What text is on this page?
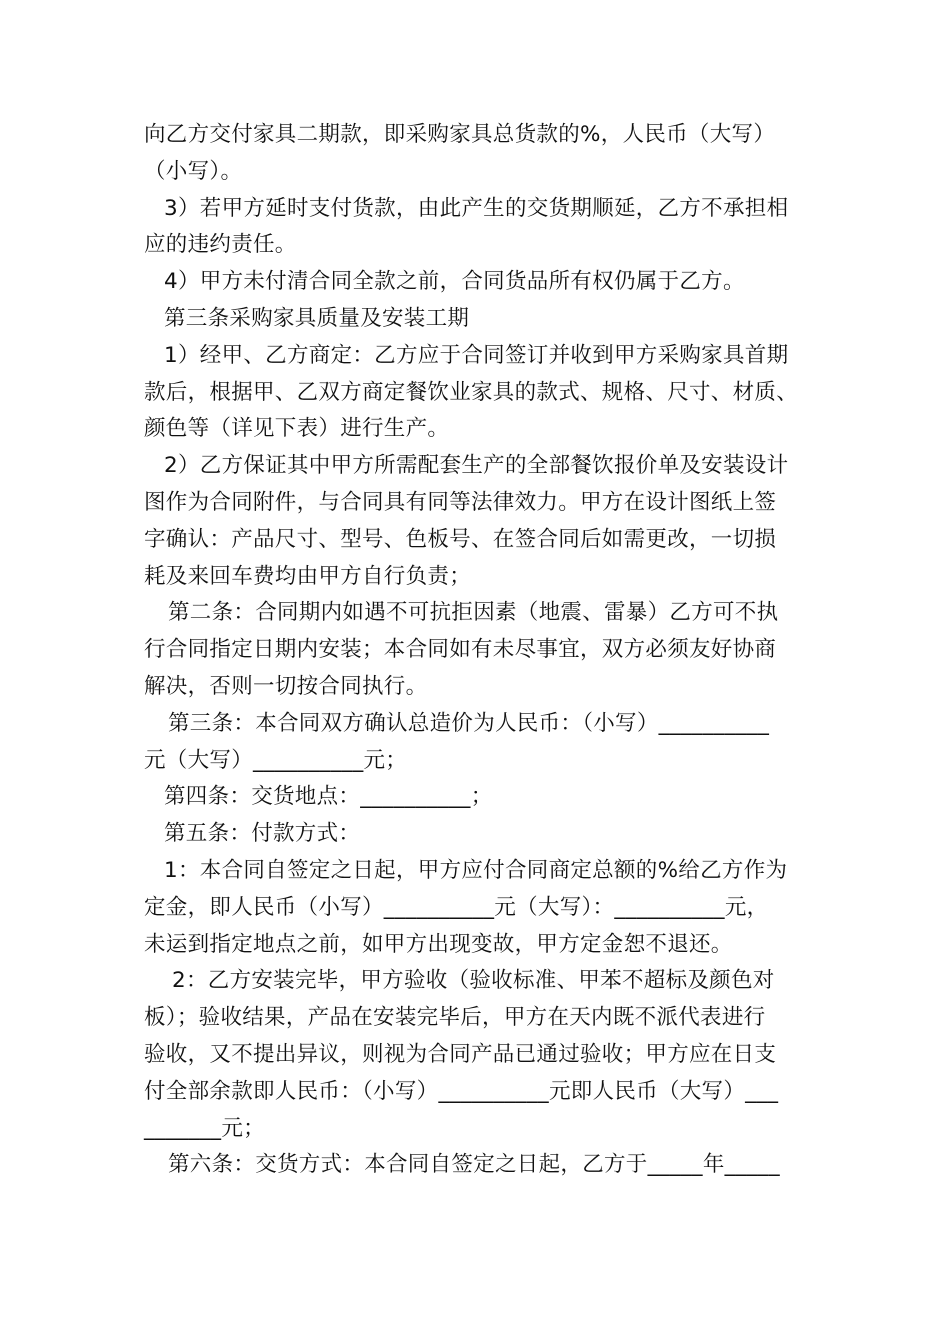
向乙方交付家具二期款，即采购家具总货款的%，人民币（大写）
（小写）。
3）若甲方延时支付货款，由此产生的交货期顺延，乙方不承担相
应的违约责任。
4）甲方未付清合同全款之前，合同货品所有权仍属于乙方。
第三条采购家具质量及安装工期
1）经甲、乙方商定：乙方应于合同签订并收到甲方采购家具首期
款后，根据甲、乙双方商定餐饮业家具的款式、规格、尺寸、材质、
颜色等（详见下表）进行生产。
2）乙方保证其中甲方所需配套生产的全部餐饮报价单及安装设计
图作为合同附件，与合同具有同等法律效力。甲方在设计图纸上签
字确认：产品尺寸、型号、色板号、在签合同后如需更改，一切损
耗及来回车费均由甲方自行负责；
第二条：合同期内如遇不可抗拒因素（地震、雷暴）乙方可不执
行合同指定日期内安装；本合同如有未尽事宜，双方必须友好协商
解决，否则一切按合同执行。
第三条：本合同双方确认总造价为人民币：（小写）__________
元（大写）__________元；
第四条：交货地点：__________；
第五条：付款方式：
1：本合同自签定之日起，甲方应付合同商定总额的%给乙方作为
定金，即人民币（小写）__________元（大写）：__________元，
未运到指定地点之前，如甲方出现变故，甲方定金恕不退还。
2：乙方安装完毕，甲方验收（验收标准、甲苯不超标及颜色对
板）；验收结果，产品在安装完毕后，甲方在天内既不派代表进行
验收，又不提出异议，则视为合同产品已通过验收；甲方应在日支
付全部余款即人民币：（小写）__________元即人民币（大写）___
_______元；
第六条：交货方式：本合同自签定之日起，乙方于_____年_____
